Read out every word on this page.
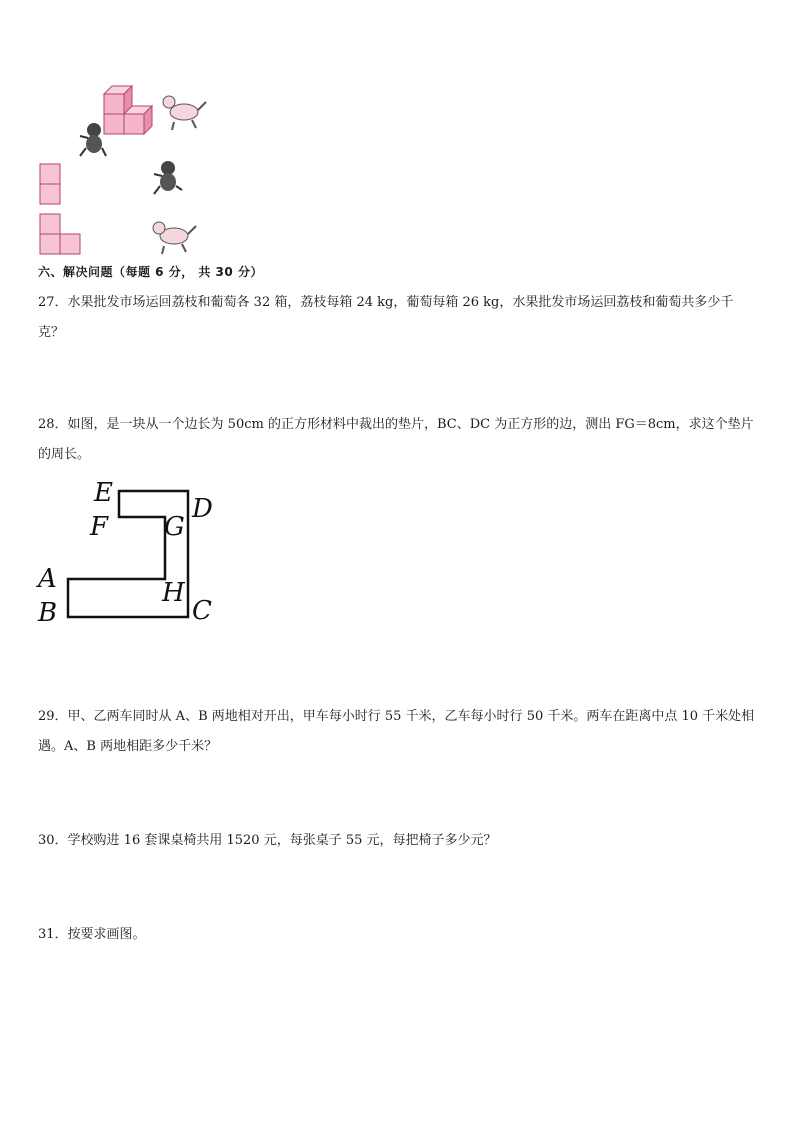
六、解决问题（每题 6 分， 共 30 分）
27．水果批发市场运回荔枝和葡萄各 32 箱，荔枝每箱 24 kg，葡萄每箱 26 kg，水果批发市场运回荔枝和葡萄共多少千克？
28．如图，是一块从一个边长为 50cm 的正方形材料中裁出的垫片，BC、DC 为正方形的边，测出 FG＝8cm，求这个垫片的周长。
E
F G
D
A
B
H
C
29．甲、乙两车同时从 A、B 两地相对开出，甲车每小时行 55 千米，乙车每小时行 50 千米。两车在距离中点 10 千米处相遇。A、B 两地相距多少千米？
30．学校购进 16 套课桌椅共用 1520 元，每张桌子 55 元，每把椅子多少元？
31．按要求画图。
